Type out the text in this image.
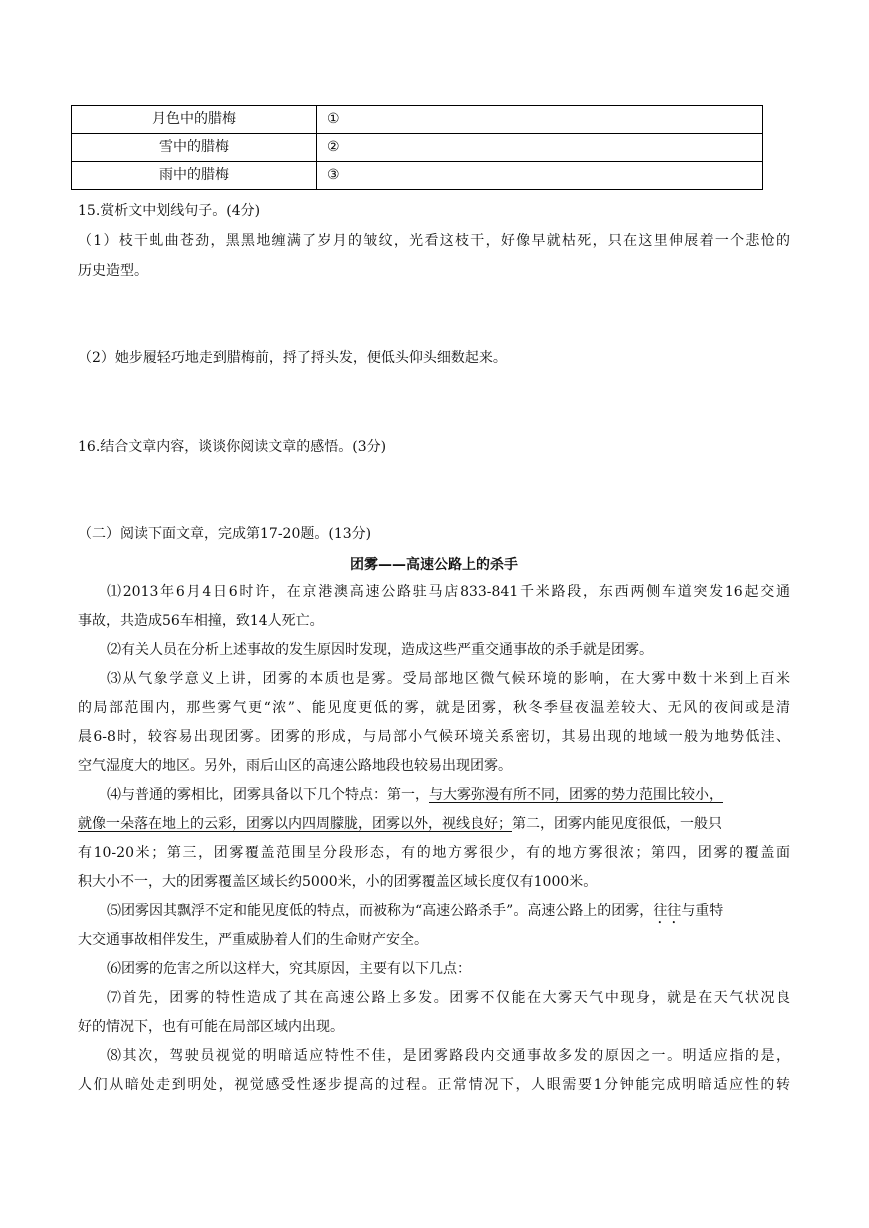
月色中的腊梅	①
雪中的腊梅	②
雨中的腊梅	③
15.赏析文中划线句子。(4分)
（1）枝干虬曲苍劲，黑黑地缠满了岁月的皱纹，光看这枝干，好像早就枯死，只在这里伸展着一个悲怆的
历史造型。
（2）她步履轻巧地走到腊梅前，捋了捋头发，便低头仰头细数起来。
16.结合文章内容，谈谈你阅读文章的感悟。(3分)
（二）阅读下面文章，完成第17-20题。(13分)
团雾——高速公路上的杀手
⑴2013年6月4日6时许，在京港澳高速公路驻马店833-841千米路段，东西两侧车道突发16起交通
事故，共造成56车相撞，致14人死亡。
⑵有关人员在分析上述事故的发生原因时发现，造成这些严重交通事故的杀手就是团雾。
⑶从气象学意义上讲，团雾的本质也是雾。受局部地区微气候环境的影响，在大雾中数十米到上百米
的局部范围内，那些雾气更“浓”、能见度更低的雾，就是团雾，秋冬季昼夜温差较大、无风的夜间或是清
晨6-8时，较容易出现团雾。团雾的形成，与局部小气候环境关系密切，其易出现的地域一般为地势低洼、
空气湿度大的地区。另外，雨后山区的高速公路地段也较易出现团雾。
⑷与普通的雾相比，团雾具备以下几个特点：第一，与大雾弥漫有所不同，团雾的势力范围比较小，
就像一朵落在地上的云彩，团雾以内四周朦胧，团雾以外，视线良好；第二，团雾内能见度很低，一般只
有10-20米；第三，团雾覆盖范围呈分段形态，有的地方雾很少，有的地方雾很浓；第四，团雾的覆盖面
积大小不一，大的团雾覆盖区域长约5000米，小的团雾覆盖区域长度仅有1000米。
⑸团雾因其飘浮不定和能见度低的特点，而被称为“高速公路杀手”。高速公路上的团雾，往往与重特
大交通事故相伴发生，严重威胁着人们的生命财产安全。
⑹团雾的危害之所以这样大，究其原因，主要有以下几点：
⑺首先，团雾的特性造成了其在高速公路上多发。团雾不仅能在大雾天气中现身，就是在天气状况良
好的情况下，也有可能在局部区域内出现。
⑻其次，驾驶员视觉的明暗适应特性不佳，是团雾路段内交通事故多发的原因之一。明适应指的是，
人们从暗处走到明处，视觉感受性逐步提高的过程。正常情况下，人眼需要1分钟能完成明暗适应性的转
